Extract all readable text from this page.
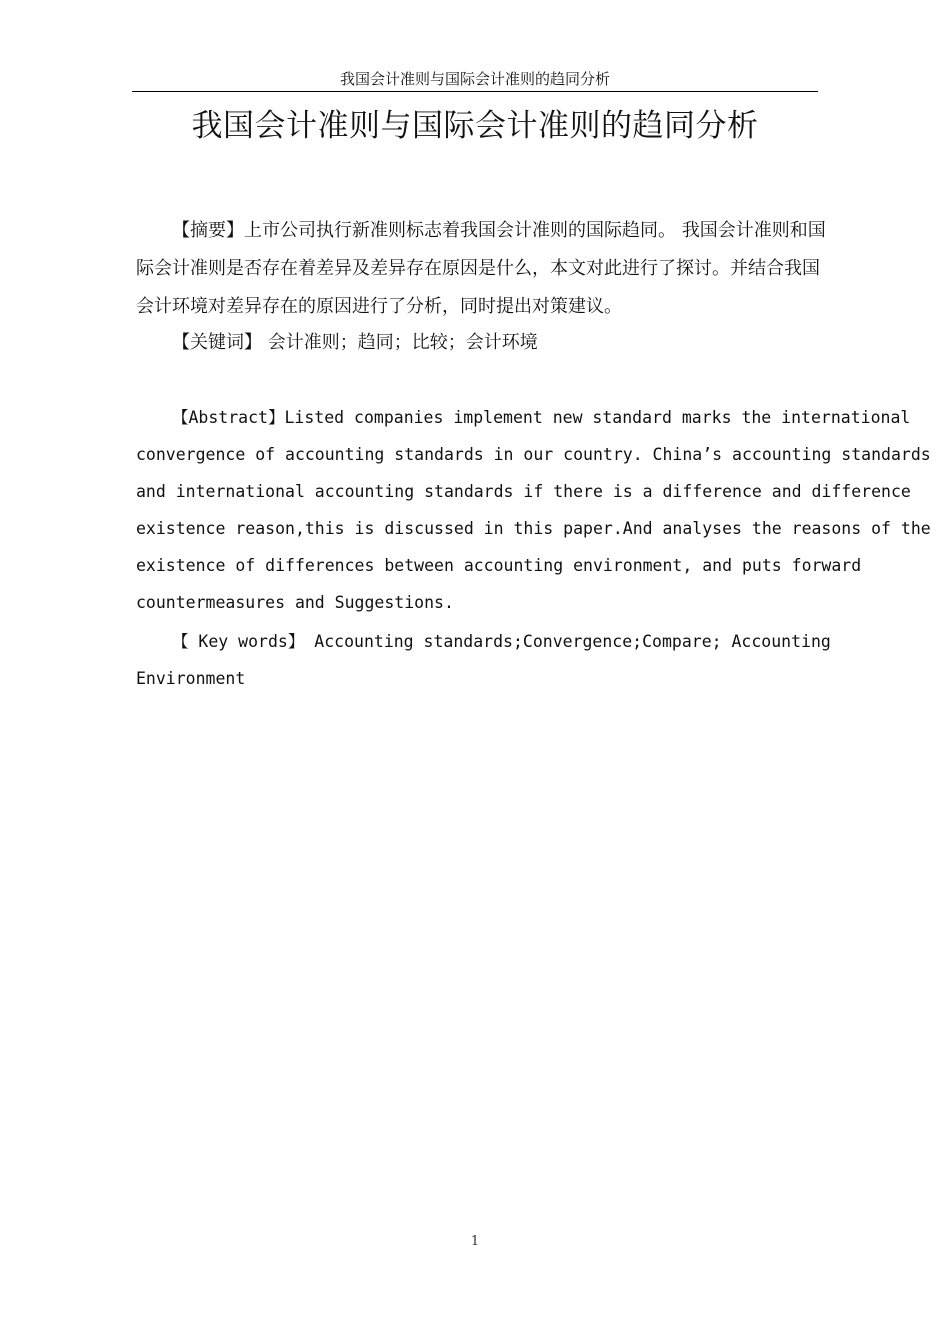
我国会计准则与国际会计准则的趋同分析
我国会计准则与国际会计准则的趋同分析

【摘要】上市公司执行新准则标志着我国会计准则的国际趋同。 我国会计准则和国际会计准则是否存在着差异及差异存在原因是什么，本文对此进行了探讨。并结合我国会计环境对差异存在的原因进行了分析，同时提出对策建议。

【关键词】 会计准则；趋同；比较；会计环境

【Abstract】Listed companies implement new standard marks the international convergence of accounting standards in our country. China’s accounting standards and international accounting standards if there is a difference and difference existence reason,this is discussed in this paper.And analyses the reasons of the existence of differences between accounting environment, and puts forward countermeasures and Suggestions.

【 Key words】 Accounting standards;Convergence;Compare; Accounting Environment

1
